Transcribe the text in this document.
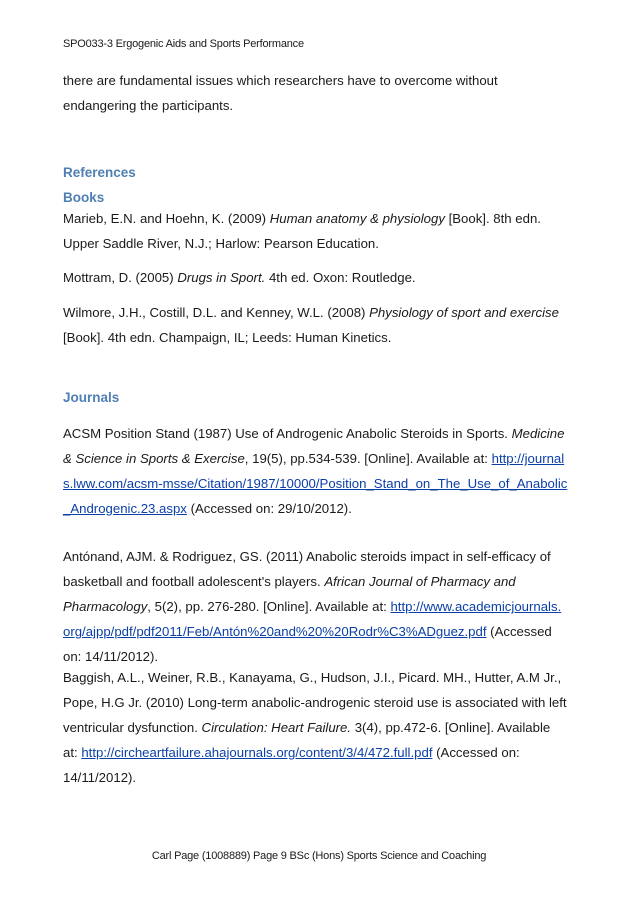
SPO033-3 Ergogenic Aids and Sports Performance

there are fundamental issues which researchers have to overcome without
endangering the participants.

References

Books

Marieb, E.N. and Hoehn, K. (2009) Human anatomy & physiology [Book]. 8th edn. Upper Saddle River, N.J.; Harlow: Pearson Education.

Mottram, D. (2005) Drugs in Sport. 4th ed. Oxon: Routledge.

Wilmore, J.H., Costill, D.L. and Kenney, W.L. (2008) Physiology of sport and exercise [Book]. 4th edn. Champaign, IL; Leeds: Human Kinetics.

Journals

ACSM Position Stand (1987) Use of Androgenic Anabolic Steroids in Sports. Medicine & Science in Sports & Exercise, 19(5), pp.534-539. [Online]. Available at: http://journals.lww.com/acsm-msse/Citation/1987/10000/Position_Stand_on_The_Use_of_Anabolic_Androgenic.23.aspx (Accessed on: 29/10/2012).

Antónand, AJM. & Rodriguez, GS. (2011) Anabolic steroids impact in self-efficacy of basketball and football adolescent's players. African Journal of Pharmacy and Pharmacology, 5(2), pp. 276-280. [Online]. Available at: http://www.academicjournals.org/ajpp/pdf/pdf2011/Feb/Antón%20and%20%20Rodr%C3%ADguez.pdf (Accessed on: 14/11/2012).

Baggish, A.L., Weiner, R.B., Kanayama, G., Hudson, J.I., Picard. MH., Hutter, A.M Jr., Pope, H.G Jr. (2010) Long-term anabolic-androgenic steroid use is associated with left ventricular dysfunction. Circulation: Heart Failure. 3(4), pp.472-6. [Online]. Available at: http://circheartfailure.ahajournals.org/content/3/4/472.full.pdf (Accessed on: 14/11/2012).

Carl Page (1008889) Page 9 BSc (Hons) Sports Science and Coaching
